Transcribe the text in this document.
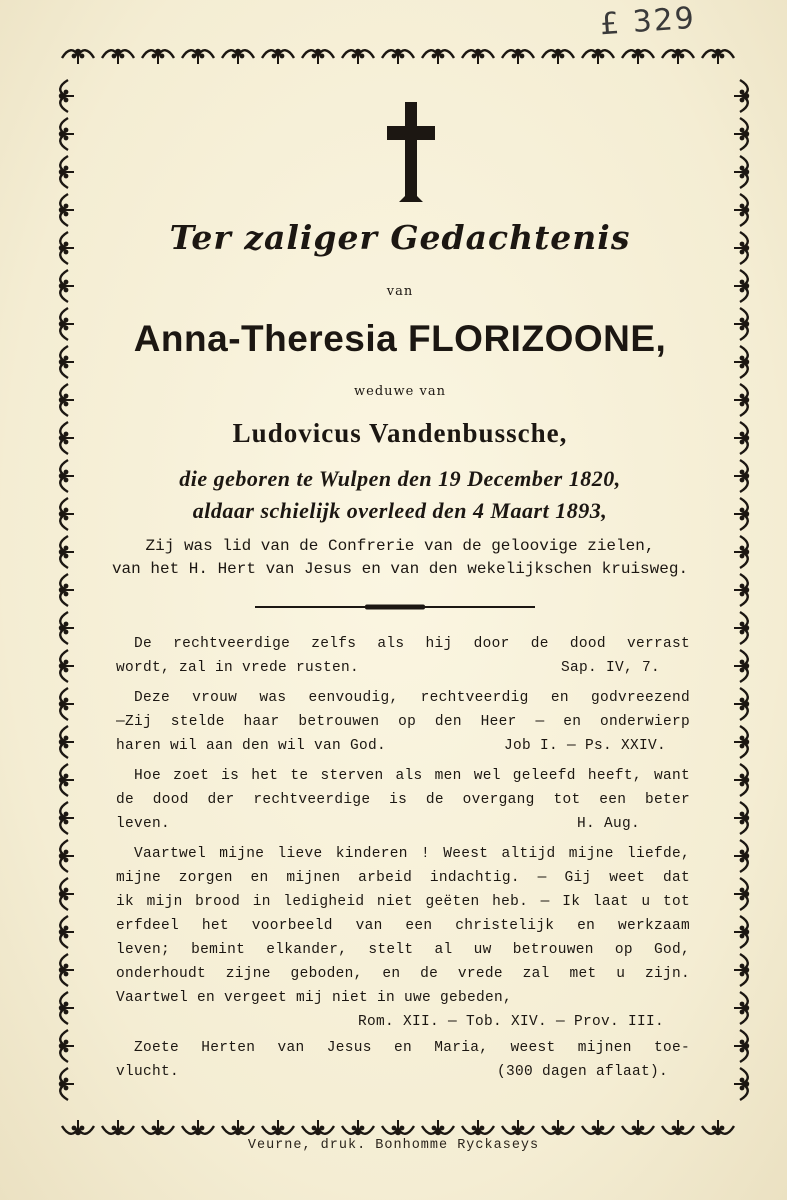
£ 329
Ter zaliger Gedachtenis
van
Anna-Theresia FLORIZOONE,
weduwe van
Ludovicus Vandenbussche,
die geboren te Wulpen den 19 December 1820,
aldaar schielijk overleed den 4 Maart 1893,
Zij was lid van de Confrerie van de geloovige zielen,
van het H. Hert van Jesus en van den wekelijkschen kruisweg.
De rechtveerdige zelfs als hij door de dood verrast
wordt, zal in vrede rusten.	Sap. IV, 7.
Deze vrouw was eenvoudig, rechtveerdig en godvreezend
—Zij stelde haar betrouwen op den Heer — en onderwierp
haren wil aan den wil van God.	Job I. — Ps. XXIV.
Hoe zoet is het te sterven als men wel geleefd heeft, want
de dood der rechtveerdige is de overgang tot een beter
leven.	H. Aug.
Vaartwel mijne lieve kinderen ! Weest altijd mijne liefde,
mijne zorgen en mijnen arbeid indachtig. — Gij weet dat
ik mijn brood in ledigheid niet geëten heb. — Ik laat u tot
erfdeel het voorbeeld van een christelijk en werkzaam
leven; bemint elkander, stelt al uw betrouwen op God,
onderhoudt zijne geboden, en de vrede zal met u zijn.
Vaartwel en vergeet mij niet in uwe gebeden,
Rom. XII. — Tob. XIV. — Prov. III.
Zoete Herten van Jesus en Maria, weest mijnen toe-
vlucht.	(300 dagen aflaat).
Veurne, druk. Bonhomme Ryckaseys
